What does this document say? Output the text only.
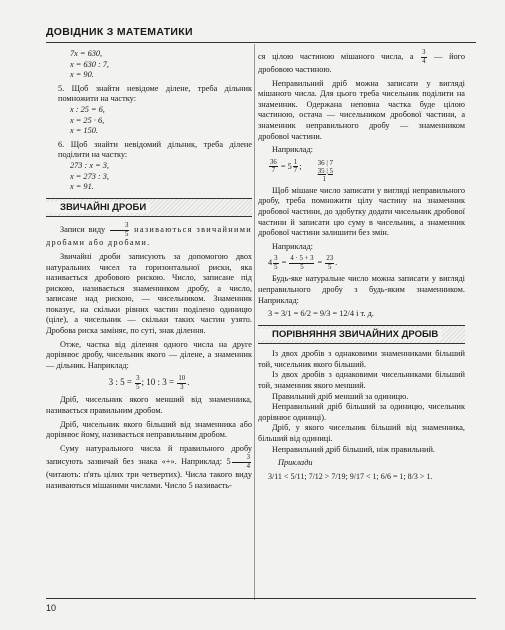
ДОВІДНИК З МАТЕМАТИКИ
7x = 630,
x = 630 : 7,
x = 90.

5. Щоб знайти невідоме ділене, треба дільник помножити на частку:

x : 25 = 6,
x = 25 · 6,
x = 150.

6. Щоб знайти невідомий дільник, треба ділене поділити на частку:

273 : x = 3,
x = 273 : 3,
x = 91.
ЗВИЧАЙНІ ДРОБИ

Записи виду $\frac{3}{5}$ називаються звичайними дробами або дробами.

Звичайні дроби записують за допомогою двох натуральних чисел та горизонтальної риски, яка називається дробовою рискою. Число, записане під рискою, називається знаменником дробу, а число, записане над рискою, — чисельником. Знаменник показує, на скільки рівних частин поділено одиницю (ціле), а чисельник — скільки таких частин узято. Дробова риска заміняє, по суті, знак ділення.

Отже, частка від ділення одного числа на друге дорівнює дробу, чисельник якого — ділене, а знаменник — дільник. Наприклад:

3 : $5 = \frac{3}{5}$ ; 10 : $3 = \frac{10}{3}$ .

Дріб, чисельник якого менший від знаменника, називається правильним дробом.

Дріб, чисельник якого більший від знаменника або дорівнює йому, називається неправильним дробом.

Суму натурального числа й правильного дробу записують зазвичай без знака «+». Наприклад: $5 \frac{3}{4}$
(читають: п'ять цілих три четвертих). Числа такого виду називаються мішаними числами. Число 5 називаєть-

ся цілою частиною мішаного числа, а $\frac{3}{4}$ — його дробовою частиною.

Неправильний дріб можна записати у вигляді мішаного числа. Для цього треба чисельник поділити на знаменник. Одержана неповна частка буде цілою частиною, остача — чисельником дробової частини, а знаменник неправильного дробу — знаменником дробової частини.

Наприклад:

$\frac{36}{7} = 5 \frac{1}{7}$ ; 36 | 7
35 | 5
1

Щоб мішане число записати у вигляді неправильного дробу, треба помножити цілу частину на знаменник дробової частини, до здобутку додати чисельник дробової частини й записати цю суму в чисельник, а знаменник дробової частини залишити без змін.

Наприклад:

$4 \frac{3}{5} = \frac{4 \cdot 5 + 3}{5} = \frac{23}{5}$ .

Будь-яке натуральне число можна записати у вигляді неправильного дробу з будь-яким знаменником. Наприклад:

3 = 3/1 = 6/2 = 9/3 = 12/4 і т. д.
ПОРІВНЯННЯ ЗВИЧАЙНИХ ДРОБІВ

Із двох дробів з однаковими знаменниками більший той, чисельник якого більший.

Із двох дробів з однаковими чисельниками більший той, знаменник якого менший.

Правильний дріб менший за одиницю.

Неправильний дріб більший за одиницю, чисельник дорівнює одиниці).

Дріб, у якого чисельник більший від знаменника, більший від одиниці.

Неправильний дріб більший, ніж правильний.

Приклади

3/11 < 5/11; 7/12 > 7/19; 9/17 < 1; 6/6 = 1; 8/3 > 1.
10
